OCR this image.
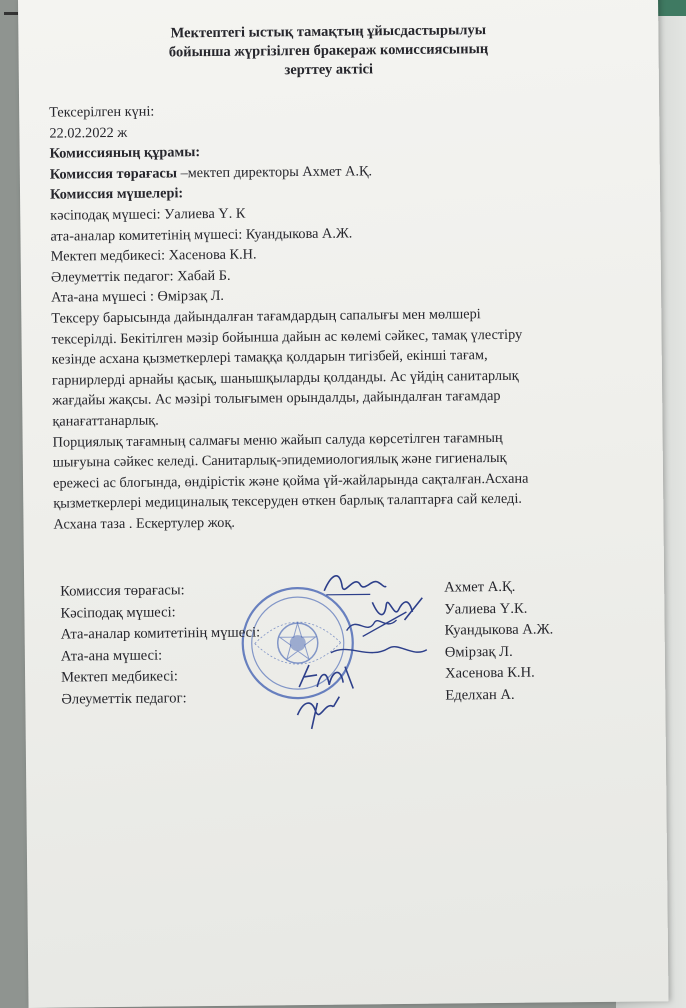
Мектептегі ыстық тамақтың ұйысдастырылуы
бойынша жүргізілген бракераж комиссиясының
зерттеу актісі
Тексерілген күні:
22.02.2022 ж
Комиссияның құрамы:
Комиссия төрағасы –мектеп директоры Ахмет А.Қ.
Комиссия мүшелері:
кәсіподақ мүшесі: Уалиева Ү. К
ата-аналар комитетінің мүшесі: Куандыкова А.Ж.
Мектеп медбикесі: Хасенова К.Н.
Әлеуметтік педагог: Хабай Б.
Ата-ана мүшесі : Өмірзақ Л.
Тексеру барысында дайындалған тағамдардың сапалығы мен мөлшері
тексерілді. Бекітілген мәзір бойынша дайын ас көлемі сәйкес, тамақ үлестіру
кезінде асхана қызметкерлері тамаққа қолдарын тигізбей, екінші тағам,
гарнирлерді арнайы қасық, шанышқыларды қолданды. Ас үйдің санитарлық
жағдайы жақсы. Ас мәзірі толығымен орындалды, дайындалған тағамдар
қанағаттанарлық.
Порциялық тағамның салмағы меню жайып салуда көрсетілген тағамның
шығуына сәйкес келеді. Санитарлық-эпидемиологиялық және гигиеналық
ережесі ас блогында, өндірістік және қойма үй-жайларында сақталған.Асхана
қызметкерлері медициналық тексеруден өткен барлық талаптарға сай келеді.
Асхана таза . Ескертулер жоқ.
Комиссия төрағасы:	Ахмет А.Қ.
Кәсіподақ мүшесі:	Уалиева Ү.К.
Ата-аналар комитетінің мүшесі:	Куандыкова А.Ж.
Ата-ана мүшесі:	Өмірзақ Л.
Мектеп медбикесі:	Хасенова К.Н.
Әлеуметтік педагог:	Еделхан А.
